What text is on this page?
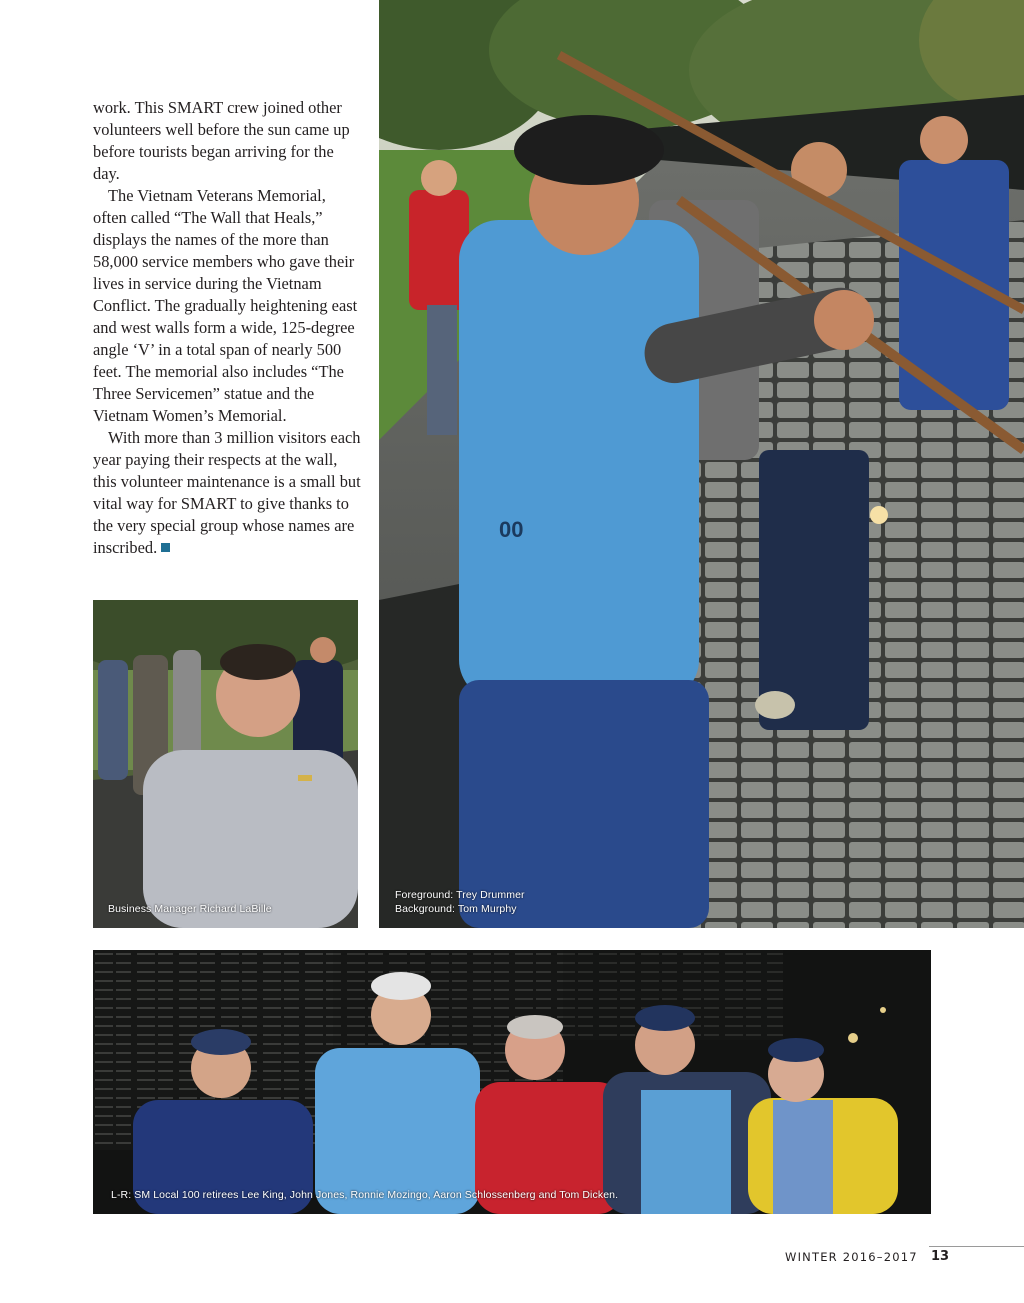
work. This SMART crew joined other volunteers well before the sun came up before tourists began arriving for the day.

The Vietnam Veterans Memorial, often called “The Wall that Heals,” displays the names of the more than 58,000 service members who gave their lives in service during the Vietnam Conflict. The gradually heightening east and west walls form a wide, 125-degree angle ‘V’ in a total span of nearly 500 feet. The memorial also includes “The Three Servicemen” statue and the Vietnam Women’s Memorial.

With more than 3 million visitors each year paying their respects at the wall, this volunteer maintenance is a small but vital way for SMART to give thanks to the very special group whose names are inscribed.

00
Foreground: Trey Drummer
Background: Tom Murphy
Business Manager Richard LaBille
L-R: SM Local 100 retirees Lee King, John Jones, Ronnie Mozingo, Aaron Schlossenberg and Tom Dicken.
WINTER 2016–2017 13
